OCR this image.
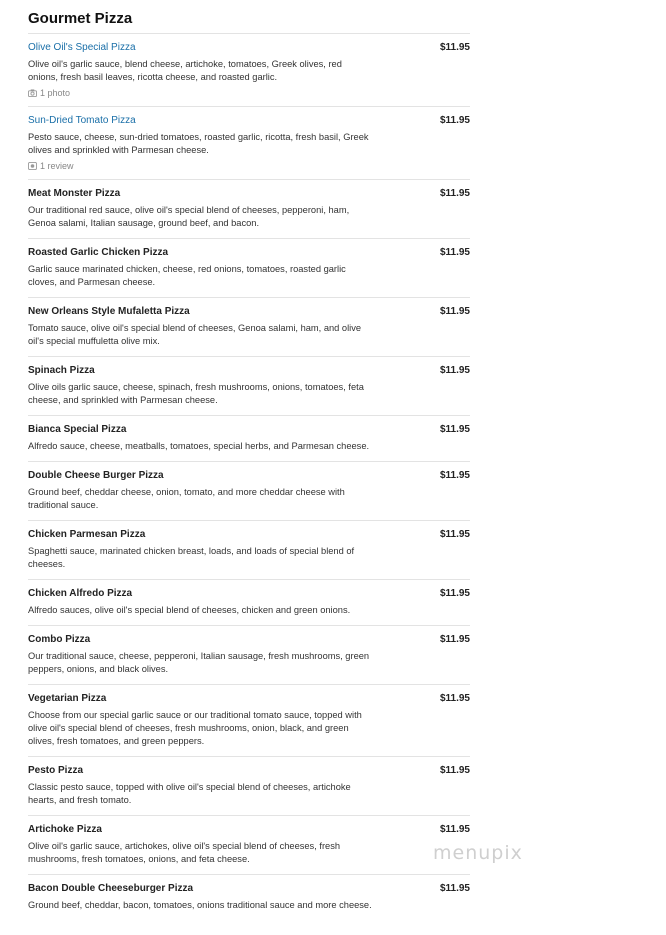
Gourmet Pizza
Olive Oil's Special Pizza	$11.95
Olive oil's garlic sauce, blend cheese, artichoke, tomatoes, Greek olives, red onions, fresh basil leaves, ricotta cheese, and roasted garlic.
1 photo
Sun-Dried Tomato Pizza	$11.95
Pesto sauce, cheese, sun-dried tomatoes, roasted garlic, ricotta, fresh basil, Greek olives and sprinkled with Parmesan cheese.
1 review
Meat Monster Pizza	$11.95
Our traditional red sauce, olive oil's special blend of cheeses, pepperoni, ham, Genoa salami, Italian sausage, ground beef, and bacon.
Roasted Garlic Chicken Pizza	$11.95
Garlic sauce marinated chicken, cheese, red onions, tomatoes, roasted garlic cloves, and Parmesan cheese.
New Orleans Style Mufaletta Pizza	$11.95
Tomato sauce, olive oil's special blend of cheeses, Genoa salami, ham, and olive oil's special muffuletta olive mix.
Spinach Pizza	$11.95
Olive oils garlic sauce, cheese, spinach, fresh mushrooms, onions, tomatoes, feta cheese, and sprinkled with Parmesan cheese.
Bianca Special Pizza	$11.95
Alfredo sauce, cheese, meatballs, tomatoes, special herbs, and Parmesan cheese.
Double Cheese Burger Pizza	$11.95
Ground beef, cheddar cheese, onion, tomato, and more cheddar cheese with traditional sauce.
Chicken Parmesan Pizza	$11.95
Spaghetti sauce, marinated chicken breast, loads, and loads of special blend of cheeses.
Chicken Alfredo Pizza	$11.95
Alfredo sauces, olive oil's special blend of cheeses, chicken and green onions.
Combo Pizza	$11.95
Our traditional sauce, cheese, pepperoni, Italian sausage, fresh mushrooms, green peppers, onions, and black olives.
Vegetarian Pizza	$11.95
Choose from our special garlic sauce or our traditional tomato sauce, topped with olive oil's special blend of cheeses, fresh mushrooms, onion, black, and green olives, fresh tomatoes, and green peppers.
Pesto Pizza	$11.95
Classic pesto sauce, topped with olive oil's special blend of cheeses, artichoke hearts, and fresh tomato.
Artichoke Pizza	$11.95
Olive oil's garlic sauce, artichokes, olive oil's special blend of cheeses, fresh mushrooms, fresh tomatoes, onions, and feta cheese.
Bacon Double Cheeseburger Pizza	$11.95
Ground beef, cheddar, bacon, tomatoes, onions traditional sauce and more cheese.
menupix
